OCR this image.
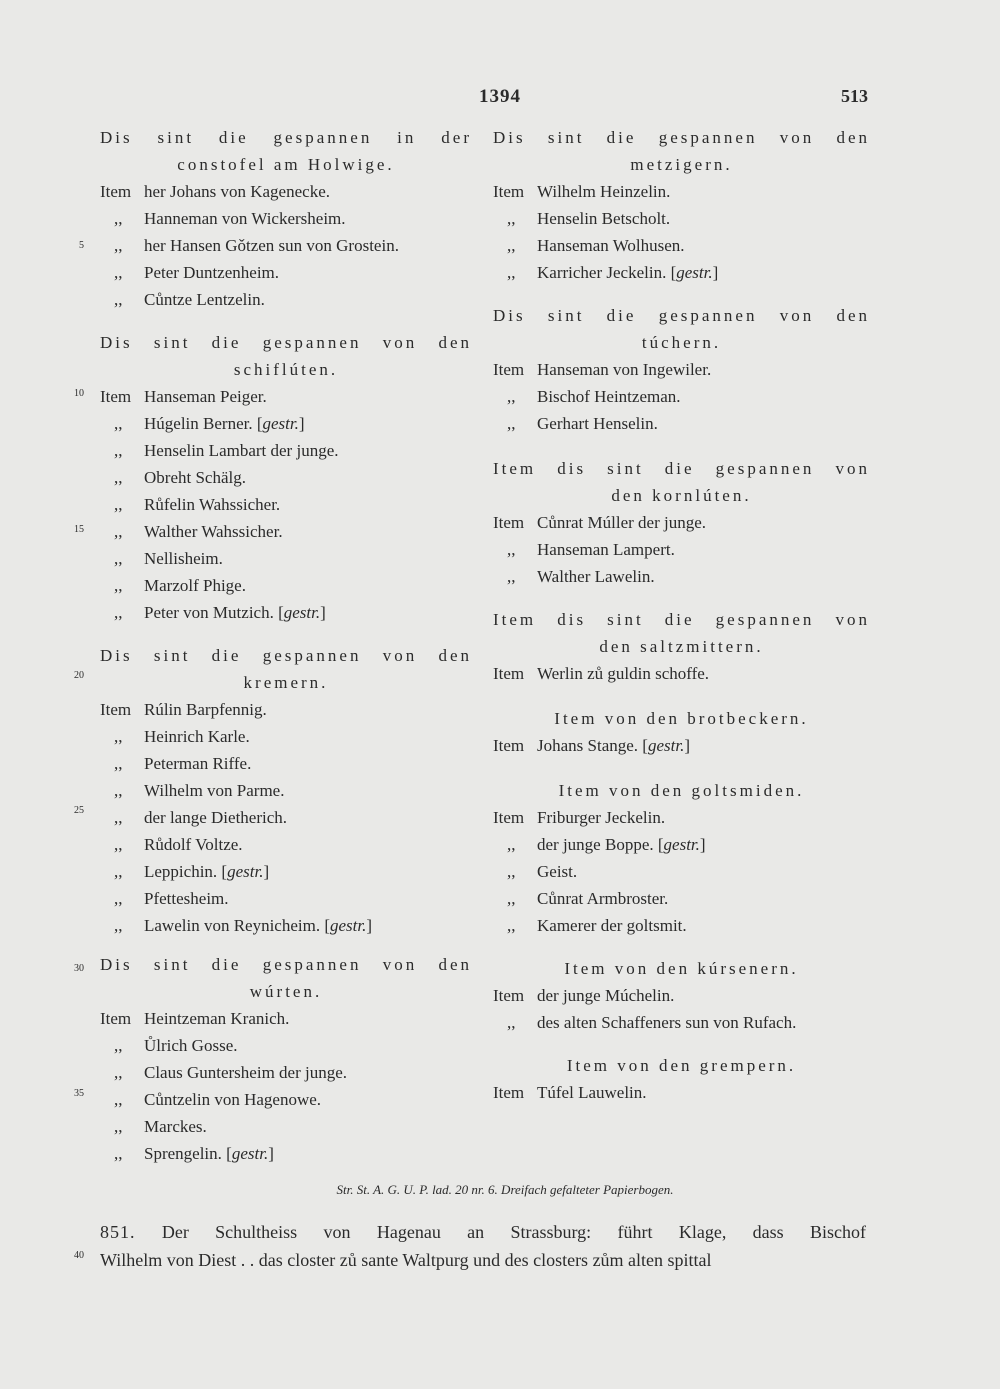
1394	513
Dis sint die gespannen in der
constofel am Holwige.
Item her Johans von Kagenecke.
,, Hanneman von Wickersheim.
,, her Hansen Gǒtzen sun von Grostein.
,, Peter Duntzenheim.
,, Cůntze Lentzelin.
Dis sint die gespannen von den
schiflúten.
Item Hanseman Peiger.
,, Húgelin Berner. [gestr.]
,, Henselin Lambart der junge.
,, Obreht Schälg.
,, Růfelin Wahssicher.
,, Walther Wahssicher.
,, Nellisheim.
,, Marzolf Phige.
,, Peter von Mutzich. [gestr.]
Dis sint die gespannen von den
kremern.
Item Rúlin Barpfennig.
,, Heinrich Karle.
,, Peterman Riffe.
,, Wilhelm von Parme.
,, der lange Dietherich.
,, Růdolf Voltze.
,, Leppichin. [gestr.]
,, Pfettesheim.
,, Lawelin von Reynicheim. [gestr.]
Dis sint die gespannen von den
wúrten.
Item Heintzeman Kranich.
,, Ůlrich Gosse.
,, Claus Guntersheim der junge.
,, Cůntzelin von Hagenowe.
,, Marckes.
,, Sprengelin. [gestr.]
Dis sint die gespannen von den
metzigern.
Item Wilhelm Heinzelin.
,, Henselin Betscholt.
,, Hanseman Wolhusen.
,, Karricher Jeckelin. [gestr.]
Dis sint die gespannen von den
túchern.
Item Hanseman von Ingewiler.
,, Bischof Heintzeman.
,, Gerhart Henselin.
Item dis sint die gespannen von
den kornlúten.
Item Cůnrat Múller der junge.
,, Hanseman Lampert.
,, Walther Lawelin.
Item dis sint die gespannen von
den saltzmittern.
Item Werlin zů guldin schoffe.
Item von den brotbeckern.
Item Johans Stange. [gestr.]
Item von den goltsmiden.
Item Friburger Jeckelin.
,, der junge Boppe. [gestr.]
,, Geist.
,, Cůnrat Armbroster.
,, Kamerer der goltsmit.
Item von den kúrsenern.
Item der junge Múchelin.
,, des alten Schaffeners sun von Rufach.
Item von den grempern.
Item Túfel Lauwelin.
Str. St. A. G. U. P. lad. 20 nr. 6. Dreifach gefalteter Papierbogen.
851. Der Schultheiss von Hagenau an Strassburg: führt Klage, dass Bischof
Wilhelm von Diest . . das closter zů sante Waltpurg und des closters zům alten spittal
5
10
15
20
25
30
35
40
